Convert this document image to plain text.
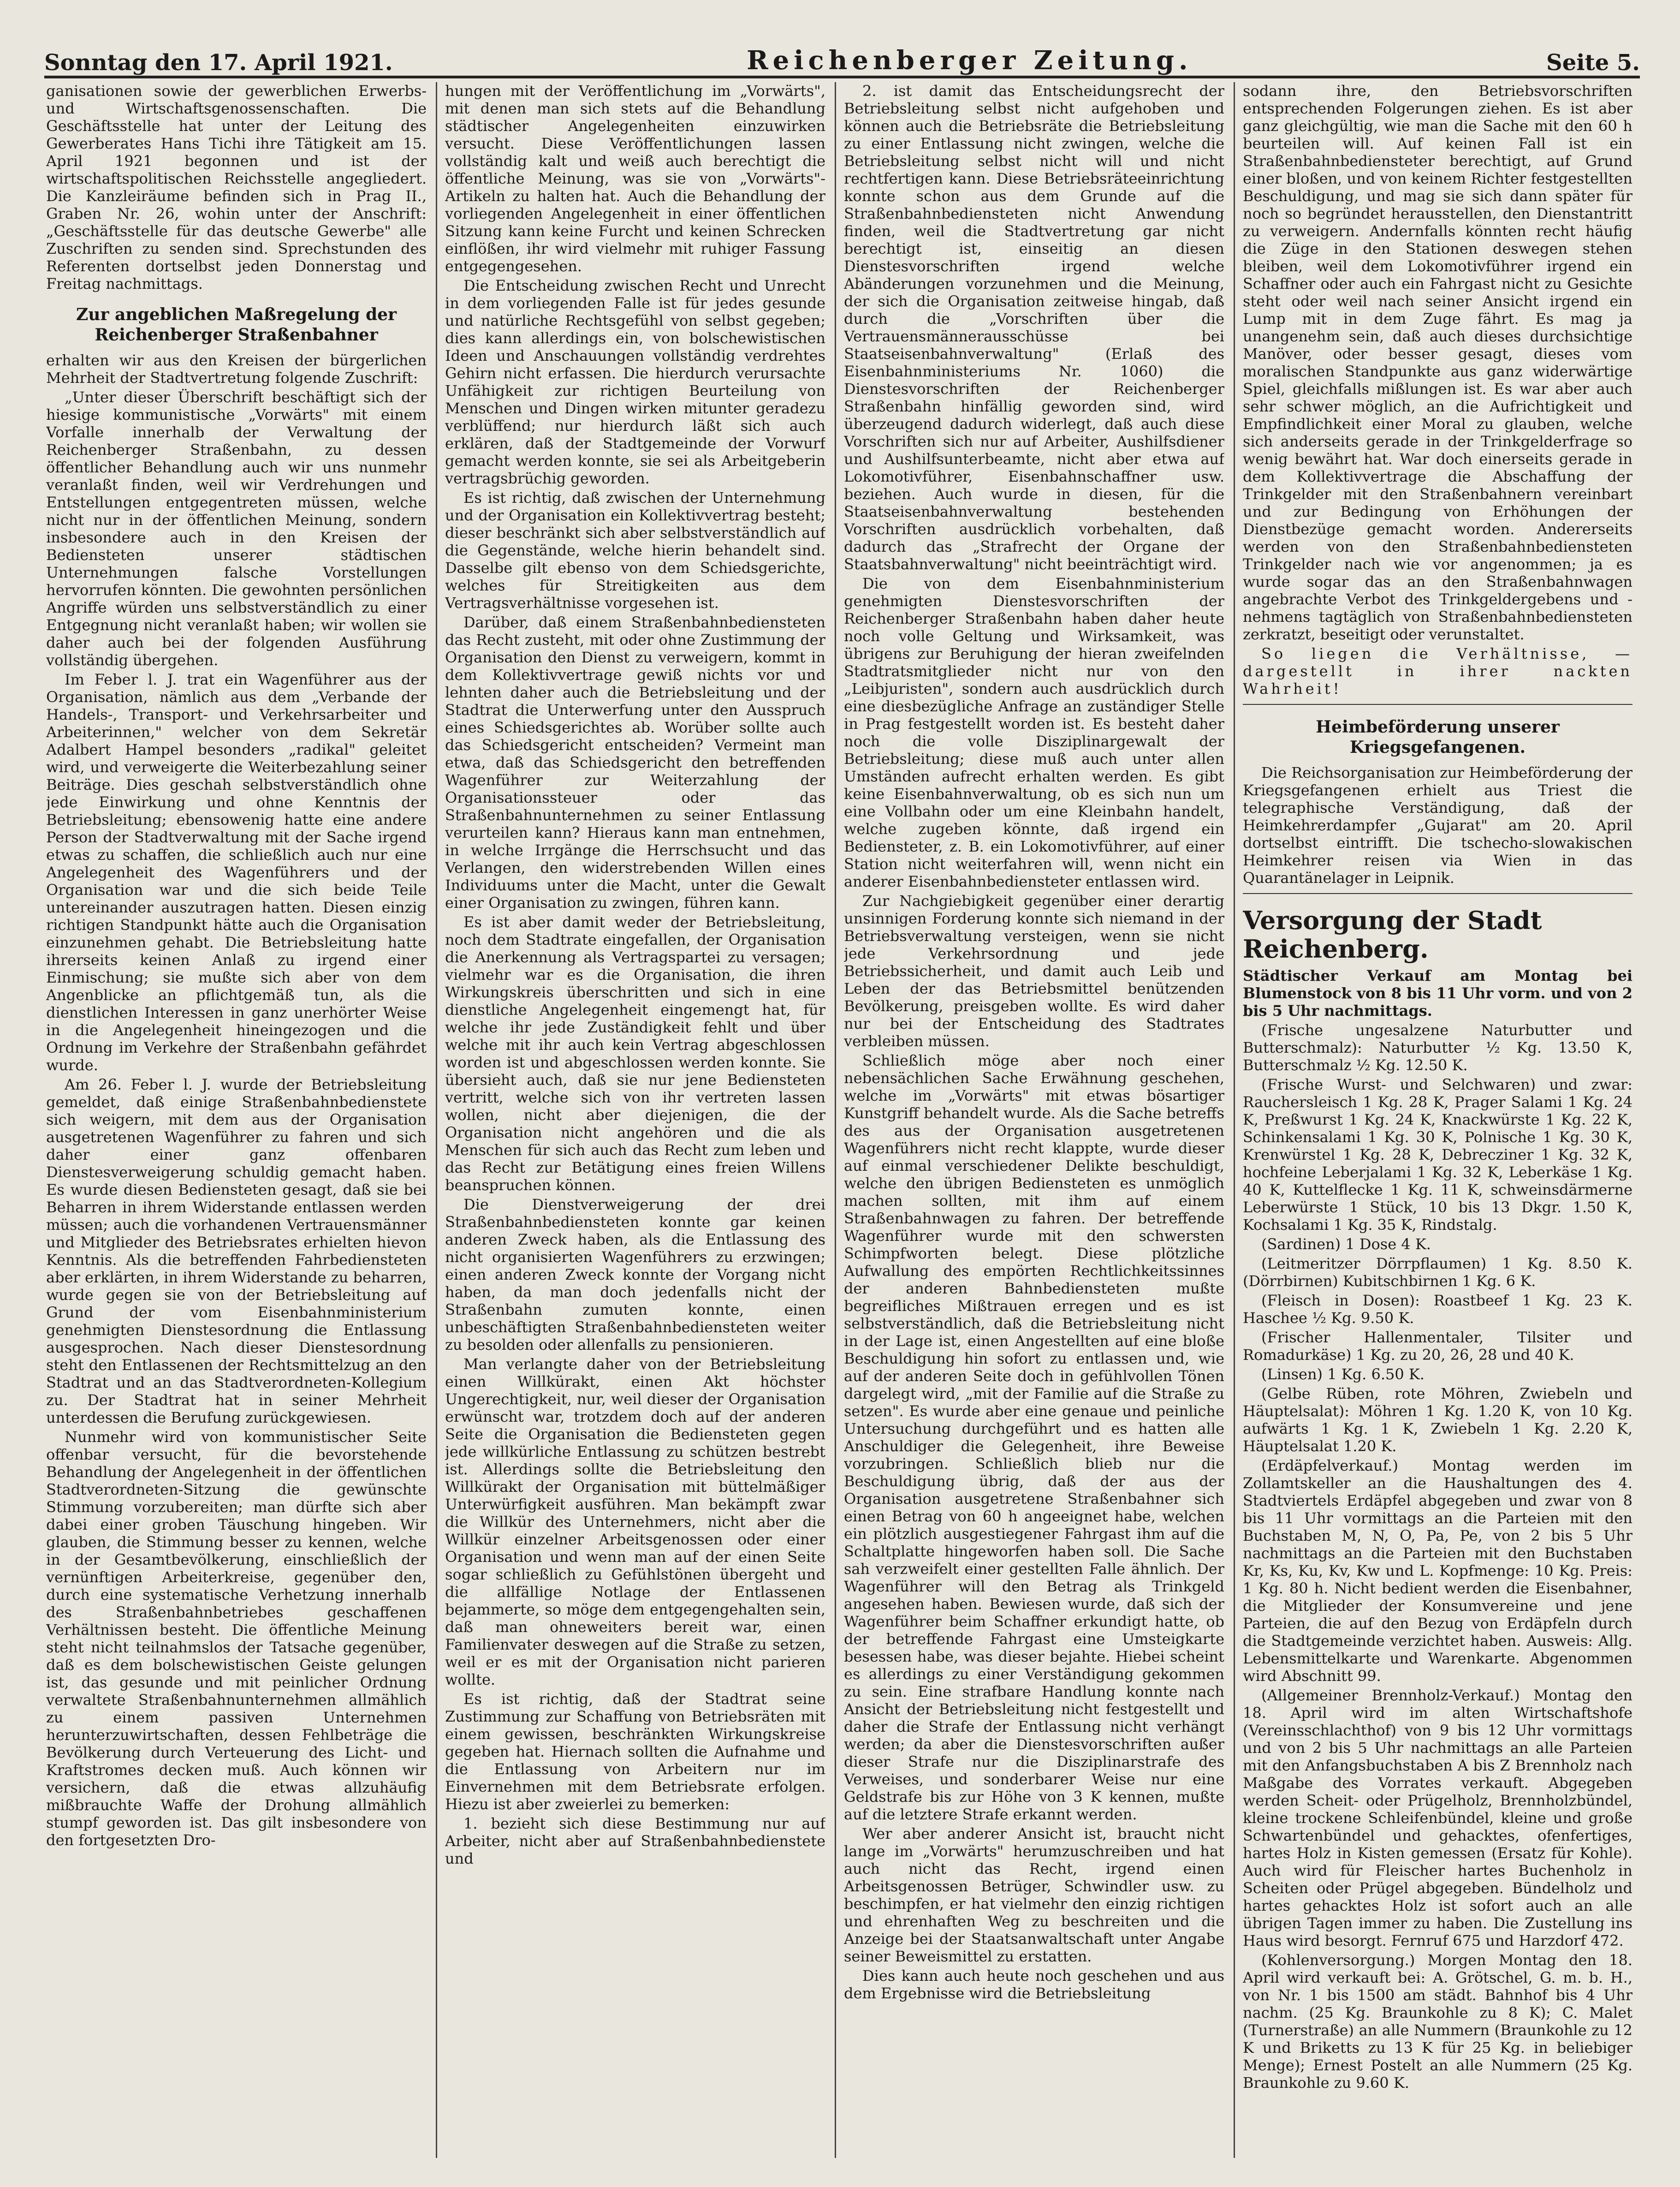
Sonntag den 17. April 1921.	Reichenberger Zeitung.	Seite 5.

ganisationen sowie der gewerblichen Erwerbs- und Wirtschaftsgenossenschaften. Die Geschäftsstelle hat unter der Leitung des Gewerberates Hans Tichi ihre Tätigkeit am 15. April 1921 begonnen und ist der wirtschaftspolitischen Reichsstelle angegliedert. Die Kanzleiräume befinden sich in Prag II., Graben Nr. 26, wohin unter der Anschrift: „Geschäftsstelle für das deutsche Gewerbe" alle Zuschriften zu senden sind. Sprechstunden des Referenten dortselbst jeden Donnerstag und Freitag nachmittags.

Zur angeblichen Maßregelung der Reichenberger Straßenbahner

erhalten wir aus den Kreisen der bürgerlichen Mehrheit der Stadtvertretung folgende Zuschrift:

„Unter dieser Überschrift beschäftigt sich der hiesige kommunistische „Vorwärts" mit einem Vorfalle innerhalb der Verwaltung der Reichenberger Straßenbahn, zu dessen öffentlicher Behandlung auch wir uns nunmehr veranlaßt finden, weil wir Verdrehungen und Entstellungen entgegentreten müssen, welche nicht nur in der öffentlichen Meinung, sondern insbesondere auch in den Kreisen der Bediensteten unserer städtischen Unternehmungen falsche Vorstellungen hervorrufen könnten. Die gewohnten persönlichen Angriffe würden uns selbstverständlich zu einer Entgegnung nicht veranlaßt haben; wir wollen sie daher auch bei der folgenden Ausführung vollständig übergehen.

Im Feber l. J. trat ein Wagenführer aus der Organisation, nämlich aus dem „Verbande der Handels-, Transport- und Verkehrsarbeiter und Arbeiterinnen," welcher von dem Sekretär Adalbert Hampel besonders „radikal" geleitet wird, und verweigerte die Weiterbezahlung seiner Beiträge. Dies geschah selbstverständlich ohne jede Einwirkung und ohne Kenntnis der Betriebsleitung; ebensowenig hatte eine andere Person der Stadtverwaltung mit der Sache irgend etwas zu schaffen, die schließlich auch nur eine Angelegenheit des Wagenführers und der Organisation war und die sich beide Teile untereinander auszutragen hatten. Diesen einzig richtigen Standpunkt hätte auch die Organisation einzunehmen gehabt. Die Betriebsleitung hatte ihrerseits keinen Anlaß zu irgend einer Einmischung; sie mußte sich aber von dem Angenblicke an pflichtgemäß tun, als die dienstlichen Interessen in ganz unerhörter Weise in die Angelegenheit hineingezogen und die Ordnung im Verkehre der Straßenbahn gefährdet wurde.

Am 26. Feber l. J. wurde der Betriebsleitung gemeldet, daß einige Straßenbahnbedienstete sich weigern, mit dem aus der Organisation ausgetretenen Wagenführer zu fahren und sich daher einer ganz offenbaren Dienstesverweigerung schuldig gemacht haben. Es wurde diesen Bediensteten gesagt, daß sie bei Beharren in ihrem Widerstande entlassen werden müssen; auch die vorhandenen Vertrauensmänner und Mitglieder des Betriebsrates erhielten hievon Kenntnis. Als die betreffenden Fahrbediensteten aber erklärten, in ihrem Widerstande zu beharren, wurde gegen sie von der Betriebsleitung auf Grund der vom Eisenbahnministerium genehmigten Dienstesordnung die Entlassung ausgesprochen. Nach dieser Dienstesordnung steht den Entlassenen der Rechtsmittelzug an den Stadtrat und an das Stadtverordneten-Kollegium zu. Der Stadtrat hat in seiner Mehrheit unterdessen die Berufung zurückgewiesen.

Nunmehr wird von kommunistischer Seite offenbar versucht, für die bevorstehende Behandlung der Angelegenheit in der öffentlichen Stadtverordneten-Sitzung die gewünschte Stimmung vorzubereiten; man dürfte sich aber dabei einer groben Täuschung hingeben. Wir glauben, die Stimmung besser zu kennen, welche in der Gesamtbevölkerung, einschließlich der vernünftigen Arbeiterkreise, gegenüber den, durch eine systematische Verhetzung innerhalb des Straßenbahnbetriebes geschaffenen Verhältnissen besteht. Die öffentliche Meinung steht nicht teilnahmslos der Tatsache gegenüber, daß es dem bolschewistischen Geiste gelungen ist, das gesunde und mit peinlicher Ordnung verwaltete Straßenbahnunternehmen allmählich zu einem passiven Unternehmen herunterzuwirtschaften, dessen Fehlbeträge die Bevölkerung durch Verteuerung des Licht- und Kraftstromes decken muß. Auch können wir versichern, daß die etwas allzuhäufig mißbrauchte Waffe der Drohung allmählich stumpf geworden ist. Das gilt insbesondere von den fortgesetzten Dro-

hungen mit der Veröffentlichung im „Vorwärts", mit denen man sich stets auf die Behandlung städtischer Angelegenheiten einzuwirken versucht. Diese Veröffentlichungen lassen vollständig kalt und weiß auch berechtigt die öffentliche Meinung, was sie von „Vorwärts"-Artikeln zu halten hat. Auch die Behandlung der vorliegenden Angelegenheit in einer öffentlichen Sitzung kann keine Furcht und keinen Schrecken einflößen, ihr wird vielmehr mit ruhiger Fassung entgegengesehen.

Die Entscheidung zwischen Recht und Unrecht in dem vorliegenden Falle ist für jedes gesunde und natürliche Rechtsgefühl von selbst gegeben; dies kann allerdings ein, von bolschewistischen Ideen und Anschauungen vollständig verdrehtes Gehirn nicht erfassen. Die hierdurch verursachte Unfähigkeit zur richtigen Beurteilung von Menschen und Dingen wirken mitunter geradezu verblüffend; nur hierdurch läßt sich auch erklären, daß der Stadtgemeinde der Vorwurf gemacht werden konnte, sie sei als Arbeitgeberin vertragsbrüchig geworden.

Es ist richtig, daß zwischen der Unternehmung und der Organisation ein Kollektivvertrag besteht; dieser beschränkt sich aber selbstverständlich auf die Gegenstände, welche hierin behandelt sind. Dasselbe gilt ebenso von dem Schiedsgerichte, welches für Streitigkeiten aus dem Vertragsverhältnisse vorgesehen ist.

Darüber, daß einem Straßenbahnbediensteten das Recht zusteht, mit oder ohne Zustimmung der Organisation den Dienst zu verweigern, kommt in dem Kollektivvertrage gewiß nichts vor und lehnten daher auch die Betriebsleitung und der Stadtrat die Unterwerfung unter den Ausspruch eines Schiedsgerichtes ab. Worüber sollte auch das Schiedsgericht entscheiden? Vermeint man etwa, daß das Schiedsgericht den betreffenden Wagenführer zur Weiterzahlung der Organisationssteuer oder das Straßenbahnunternehmen zu seiner Entlassung verurteilen kann? Hieraus kann man entnehmen, in welche Irrgänge die Herrschsucht und das Verlangen, den widerstrebenden Willen eines Individuums unter die Macht, unter die Gewalt einer Organisation zu zwingen, führen kann.

Es ist aber damit weder der Betriebsleitung, noch dem Stadtrate eingefallen, der Organisation die Anerkennung als Vertragspartei zu versagen; vielmehr war es die Organisation, die ihren Wirkungskreis überschritten und sich in eine dienstliche Angelegenheit eingemengt hat, für welche ihr jede Zuständigkeit fehlt und über welche mit ihr auch kein Vertrag abgeschlossen worden ist und abgeschlossen werden konnte. Sie übersieht auch, daß sie nur jene Bediensteten vertritt, welche sich von ihr vertreten lassen wollen, nicht aber diejenigen, die der Organisation nicht angehören und die als Menschen für sich auch das Recht zum leben und das Recht zur Betätigung eines freien Willens beanspruchen können.

Die Dienstverweigerung der drei Straßenbahnbediensteten konnte gar keinen anderen Zweck haben, als die Entlassung des nicht organisierten Wagenführers zu erzwingen; einen anderen Zweck konnte der Vorgang nicht haben, da man doch jedenfalls nicht der Straßenbahn zumuten konnte, einen unbeschäftigten Straßenbahnbediensteten weiter zu besolden oder allenfalls zu pensionieren.

Man verlangte daher von der Betriebsleitung einen Willkürakt, einen Akt höchster Ungerechtigkeit, nur, weil dieser der Organisation erwünscht war, trotzdem doch auf der anderen Seite die Organisation die Bediensteten gegen jede willkürliche Entlassung zu schützen bestrebt ist. Allerdings sollte die Betriebsleitung den Willkürakt der Organisation mit büttelmäßiger Unterwürfigkeit ausführen. Man bekämpft zwar die Willkür des Unternehmers, nicht aber die Willkür einzelner Arbeitsgenossen oder einer Organisation und wenn man auf der einen Seite sogar schließlich zu Gefühlstönen übergeht und die allfällige Notlage der Entlassenen bejammerte, so möge dem entgegengehalten sein, daß man ohneweiters bereit war, einen Familienvater deswegen auf die Straße zu setzen, weil er es mit der Organisation nicht parieren wollte.

Es ist richtig, daß der Stadtrat seine Zustimmung zur Schaffung von Betriebsräten mit einem gewissen, beschränkten Wirkungskreise gegeben hat. Hiernach sollten die Aufnahme und die Entlassung von Arbeitern nur im Einvernehmen mit dem Betriebsrate erfolgen. Hiezu ist aber zweierlei zu bemerken:

1. bezieht sich diese Bestimmung nur auf Arbeiter, nicht aber auf Straßenbahnbedienstete und

2. ist damit das Entscheidungsrecht der Betriebsleitung selbst nicht aufgehoben und können auch die Betriebsräte die Betriebsleitung zu einer Entlassung nicht zwingen, welche die Betriebsleitung selbst nicht will und nicht rechtfertigen kann. Diese Betriebsräteeinrichtung konnte schon aus dem Grunde auf die Straßenbahnbediensteten nicht Anwendung finden, weil die Stadtvertretung gar nicht berechtigt ist, einseitig an diesen Dienstesvorschriften irgend welche Abänderungen vorzunehmen und die Meinung, der sich die Organisation zeitweise hingab, daß durch die „Vorschriften über die Vertrauensmännerausschüsse bei Staatseisenbahnverwaltung" (Erlaß des Eisenbahnministeriums Nr. 1060) die Dienstesvorschriften der Reichenberger Straßenbahn hinfällig geworden sind, wird überzeugend dadurch widerlegt, daß auch diese Vorschriften sich nur auf Arbeiter, Aushilfsdiener und Aushilfsunterbeamte, nicht aber etwa auf Lokomotivführer, Eisenbahnschaffner usw. beziehen. Auch wurde in diesen, für die Staatseisenbahnverwaltung bestehenden Vorschriften ausdrücklich vorbehalten, daß dadurch das „Strafrecht der Organe der Staatsbahnverwaltung" nicht beeinträchtigt wird.

Die von dem Eisenbahnministerium genehmigten Dienstesvorschriften der Reichenberger Straßenbahn haben daher heute noch volle Geltung und Wirksamkeit, was übrigens zur Beruhigung der hieran zweifelnden Stadtratsmitglieder nicht nur von den „Leibjuristen", sondern auch ausdrücklich durch eine diesbezügliche Anfrage an zuständiger Stelle in Prag festgestellt worden ist. Es besteht daher noch die volle Disziplinargewalt der Betriebsleitung; diese muß auch unter allen Umständen aufrecht erhalten werden. Es gibt keine Eisenbahnverwaltung, ob es sich nun um eine Vollbahn oder um eine Kleinbahn handelt, welche zugeben könnte, daß irgend ein Bediensteter, z. B. ein Lokomotivführer, auf einer Station nicht weiterfahren will, wenn nicht ein anderer Eisenbahnbediensteter entlassen wird.

Zur Nachgiebigkeit gegenüber einer derartig unsinnigen Forderung konnte sich niemand in der Betriebsverwaltung versteigen, wenn sie nicht jede Verkehrsordnung und jede Betriebssicherheit, und damit auch Leib und Leben der das Betriebsmittel benützenden Bevölkerung, preisgeben wollte. Es wird daher nur bei der Entscheidung des Stadtrates verbleiben müssen.

Schließlich möge aber noch einer nebensächlichen Sache Erwähnung geschehen, welche im „Vorwärts" mit etwas bösartiger Kunstgriff behandelt wurde. Als die Sache betreffs des aus der Organisation ausgetretenen Wagenführers nicht recht klappte, wurde dieser auf einmal verschiedener Delikte beschuldigt, welche den übrigen Bediensteten es unmöglich machen sollten, mit ihm auf einem Straßenbahnwagen zu fahren. Der betreffende Wagenführer wurde mit den schwersten Schimpfworten belegt. Diese plötzliche Aufwallung des empörten Rechtlichkeitssinnes der anderen Bahnbediensteten mußte begreifliches Mißtrauen erregen und es ist selbstverständlich, daß die Betriebsleitung nicht in der Lage ist, einen Angestellten auf eine bloße Beschuldigung hin sofort zu entlassen und, wie auf der anderen Seite doch in gefühlvollen Tönen dargelegt wird, „mit der Familie auf die Straße zu setzen". Es wurde aber eine genaue und peinliche Untersuchung durchgeführt und es hatten alle Anschuldiger die Gelegenheit, ihre Beweise vorzubringen. Schließlich blieb nur die Beschuldigung übrig, daß der aus der Organisation ausgetretene Straßenbahner sich einen Betrag von 60 h angeeignet habe, welchen ein plötzlich ausgestiegener Fahrgast ihm auf die Schaltplatte hingeworfen haben soll. Die Sache sah verzweifelt einer gestellten Falle ähnlich. Der Wagenführer will den Betrag als Trinkgeld angesehen haben. Bewiesen wurde, daß sich der Wagenführer beim Schaffner erkundigt hatte, ob der betreffende Fahrgast eine Umsteigkarte besessen habe, was dieser bejahte. Hiebei scheint es allerdings zu einer Verständigung gekommen zu sein. Eine strafbare Handlung konnte nach Ansicht der Betriebsleitung nicht festgestellt und daher die Strafe der Entlassung nicht verhängt werden; da aber die Dienstesvorschriften außer dieser Strafe nur die Disziplinarstrafe des Verweises, und sonderbarer Weise nur eine Geldstrafe bis zur Höhe von 3 K kennen, mußte auf die letztere Strafe erkannt werden.

Wer aber anderer Ansicht ist, braucht nicht lange im „Vorwärts" herumzuschreiben und hat auch nicht das Recht, irgend einen Arbeitsgenossen Betrüger, Schwindler usw. zu beschimpfen, er hat vielmehr den einzig richtigen und ehrenhaften Weg zu beschreiten und die Anzeige bei der Staatsanwaltschaft unter Angabe seiner Beweismittel zu erstatten.

Dies kann auch heute noch geschehen und aus dem Ergebnisse wird die Betriebsleitung

sodann ihre, den Betriebsvorschriften entsprechenden Folgerungen ziehen. Es ist aber ganz gleichgültig, wie man die Sache mit den 60 h beurteilen will. Auf keinen Fall ist ein Straßenbahnbediensteter berechtigt, auf Grund einer bloßen, und von keinem Richter festgestellten Beschuldigung, und mag sie sich dann später für noch so begründet herausstellen, den Dienstantritt zu verweigern. Andernfalls könnten recht häufig die Züge in den Stationen deswegen stehen bleiben, weil dem Lokomotivführer irgend ein Schaffner oder auch ein Fahrgast nicht zu Gesichte steht oder weil nach seiner Ansicht irgend ein Lump mit in dem Zuge fährt. Es mag ja unangenehm sein, daß auch dieses durchsichtige Manöver, oder besser gesagt, dieses vom moralischen Standpunkte aus ganz widerwärtige Spiel, gleichfalls mißlungen ist. Es war aber auch sehr schwer möglich, an die Aufrichtigkeit und Empfindlichkeit einer Moral zu glauben, welche sich anderseits gerade in der Trinkgelderfrage so wenig bewährt hat. War doch einerseits gerade in dem Kollektivvertrage die Abschaffung der Trinkgelder mit den Straßenbahnern vereinbart und zur Bedingung von Erhöhungen der Dienstbezüge gemacht worden. Andererseits werden von den Straßenbahnbediensteten Trinkgelder nach wie vor angenommen; ja es wurde sogar das an den Straßenbahnwagen angebrachte Verbot des Trinkgeldergebens und -nehmens tagtäglich von Straßenbahnbediensteten zerkratzt, beseitigt oder verunstaltet.

So liegen die Verhältnisse, — dargestellt in ihrer nackten Wahrheit!

Heimbeförderung unserer Kriegsgefangenen.

Die Reichsorganisation zur Heimbeförderung der Kriegsgefangenen erhielt aus Triest die telegraphische Verständigung, daß der Heimkehrerdampfer „Gujarat" am 20. April dortselbst eintrifft. Die tschecho-slowakischen Heimkehrer reisen via Wien in das Quarantänelager in Leipnik.

Versorgung der Stadt Reichenberg.

Städtischer Verkauf am Montag bei Blumenstock von 8 bis 11 Uhr vorm. und von 2 bis 5 Uhr nachmittags.

(Frische ungesalzene Naturbutter und Butterschmalz): Naturbutter ½ Kg. 13.50 K, Butterschmalz ½ Kg. 12.50 K.

(Frische Wurst- und Selchwaren) und zwar: Rauchersleisch 1 Kg. 28 K, Prager Salami 1 Kg. 24 K, Preßwurst 1 Kg. 24 K, Knackwürste 1 Kg. 22 K, Schinkensalami 1 Kg. 30 K, Polnische 1 Kg. 30 K, Krenwürstel 1 Kg. 28 K, Debrecziner 1 Kg. 32 K, hochfeine Leberjalami 1 Kg. 32 K, Leberkäse 1 Kg. 40 K, Kuttelflecke 1 Kg. 11 K, schweinsdärmerne Leberwürste 1 Stück, 10 bis 13 Dkgr. 1.50 K, Kochsalami 1 Kg. 35 K, Rindstalg.

(Sardinen) 1 Dose 4 K.

(Leitmeritzer Dörrpflaumen) 1 Kg. 8.50 K. (Dörrbirnen) Kubitschbirnen 1 Kg. 6 K.

(Fleisch in Dosen): Roastbeef 1 Kg. 23 K. Haschee ½ Kg. 9.50 K.

(Frischer Hallenmentaler, Tilsiter und Romadurkäse) 1 Kg. zu 20, 26, 28 und 40 K.

(Linsen) 1 Kg. 6.50 K.

(Gelbe Rüben, rote Möhren, Zwiebeln und Häuptelsalat): Möhren 1 Kg. 1.20 K, von 10 Kg. aufwärts 1 Kg. 1 K, Zwiebeln 1 Kg. 2.20 K, Häuptelsalat 1.20 K.

(Erdäpfelverkauf.) Montag werden im Zollamtskeller an die Haushaltungen des 4. Stadtviertels Erdäpfel abgegeben und zwar von 8 bis 11 Uhr vormittags an die Parteien mit den Buchstaben M, N, O, Pa, Pe, von 2 bis 5 Uhr nachmittags an die Parteien mit den Buchstaben Kr, Ks, Ku, Kv, Kw und L. Kopfmenge: 10 Kg. Preis: 1 Kg. 80 h. Nicht bedient werden die Eisenbahner, die Mitglieder der Konsumvereine und jene Parteien, die auf den Bezug von Erdäpfeln durch die Stadtgemeinde verzichtet haben. Ausweis: Allg. Lebensmittelkarte und Warenkarte. Abgenommen wird Abschnitt 99.

(Allgemeiner Brennholz-Verkauf.) Montag den 18. April wird im alten Wirtschaftshofe (Vereinsschlachthof) von 9 bis 12 Uhr vormittags und von 2 bis 5 Uhr nachmittags an alle Parteien mit den Anfangsbuchstaben A bis Z Brennholz nach Maßgabe des Vorrates verkauft. Abgegeben werden Scheit- oder Prügelholz, Brennholzbündel, kleine trockene Schleifenbündel, kleine und große Schwartenbündel und gehacktes, ofenfertiges, hartes Holz in Kisten gemessen (Ersatz für Kohle). Auch wird für Fleischer hartes Buchenholz in Scheiten oder Prügel abgegeben. Bündelholz und hartes gehacktes Holz ist sofort auch an alle übrigen Tagen immer zu haben. Die Zustellung ins Haus wird besorgt. Fernruf 675 und Harzdorf 472.

(Kohlenversorgung.) Morgen Montag den 18. April wird verkauft bei: A. Grötschel, G. m. b. H., von Nr. 1 bis 1500 am städt. Bahnhof bis 4 Uhr nachm. (25 Kg. Braunkohle zu 8 K); C. Malet (Turnerstraße) an alle Nummern (Braunkohle zu 12 K und Briketts zu 13 K für 25 Kg. in beliebiger Menge); Ernest Postelt an alle Nummern (25 Kg. Braunkohle zu 9.60 K.
